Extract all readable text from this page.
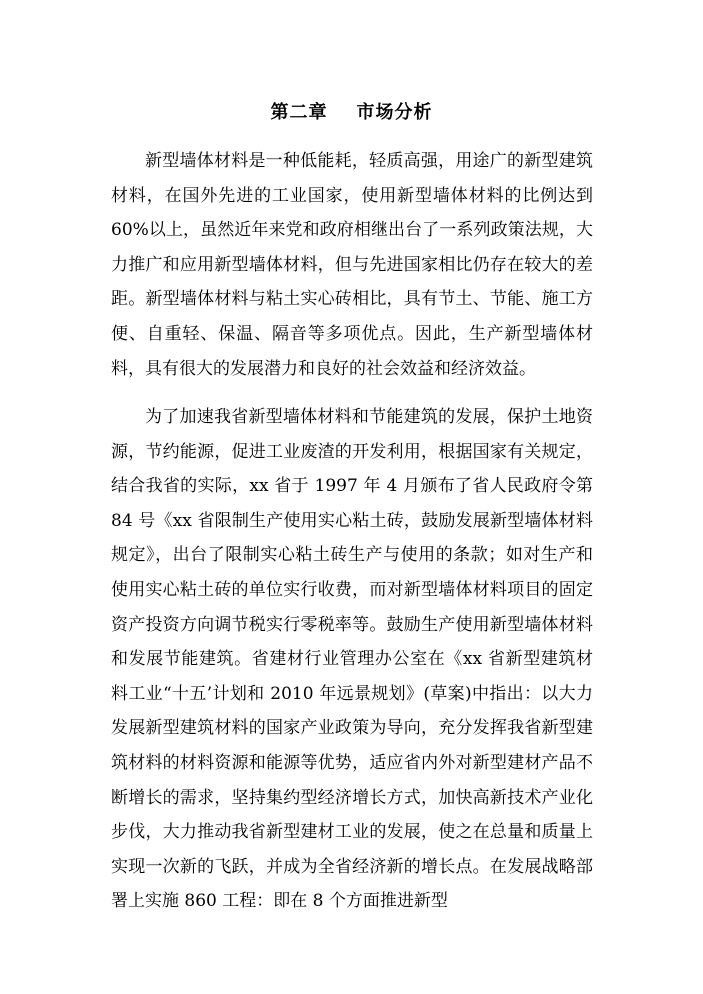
第二章    市场分析

新型墙体材料是一种低能耗，轻质高强，用途广的新型建筑材料，在国外先进的工业国家，使用新型墙体材料的比例达到 60%以上，虽然近年来党和政府相继出台了一系列政策法规，大力推广和应用新型墙体材料，但与先进国家相比仍存在较大的差距。新型墙体材料与粘土实心砖相比，具有节土、节能、施工方便、自重轻、保温、隔音等多项优点。因此，生产新型墙体材料，具有很大的发展潜力和良好的社会效益和经济效益。

为了加速我省新型墙体材料和节能建筑的发展，保护土地资源，节约能源，促进工业废渣的开发利用，根据国家有关规定，结合我省的实际，xx 省于 1997 年 4 月颁布了省人民政府令第 84 号《xx 省限制生产使用实心粘土砖，鼓励发展新型墙体材料规定》，出台了限制实心粘土砖生产与使用的条款；如对生产和使用实心粘土砖的单位实行收费，而对新型墙体材料项目的固定资产投资方向调节税实行零税率等。鼓励生产使用新型墙体材料和发展节能建筑。省建材行业管理办公室在《xx 省新型建筑材料工业“十五’计划和 2010 年远景规划》(草案)中指出：以大力发展新型建筑材料的国家产业政策为导向，充分发挥我省新型建筑材料的材料资源和能源等优势，适应省内外对新型建材产品不断增长的需求，坚持集约型经济增长方式，加快高新技术产业化步伐，大力推动我省新型建材工业的发展，使之在总量和质量上实现一次新的飞跃，并成为全省经济新的增长点。在发展战略部署上实施 860 工程：即在 8 个方面推进新型
